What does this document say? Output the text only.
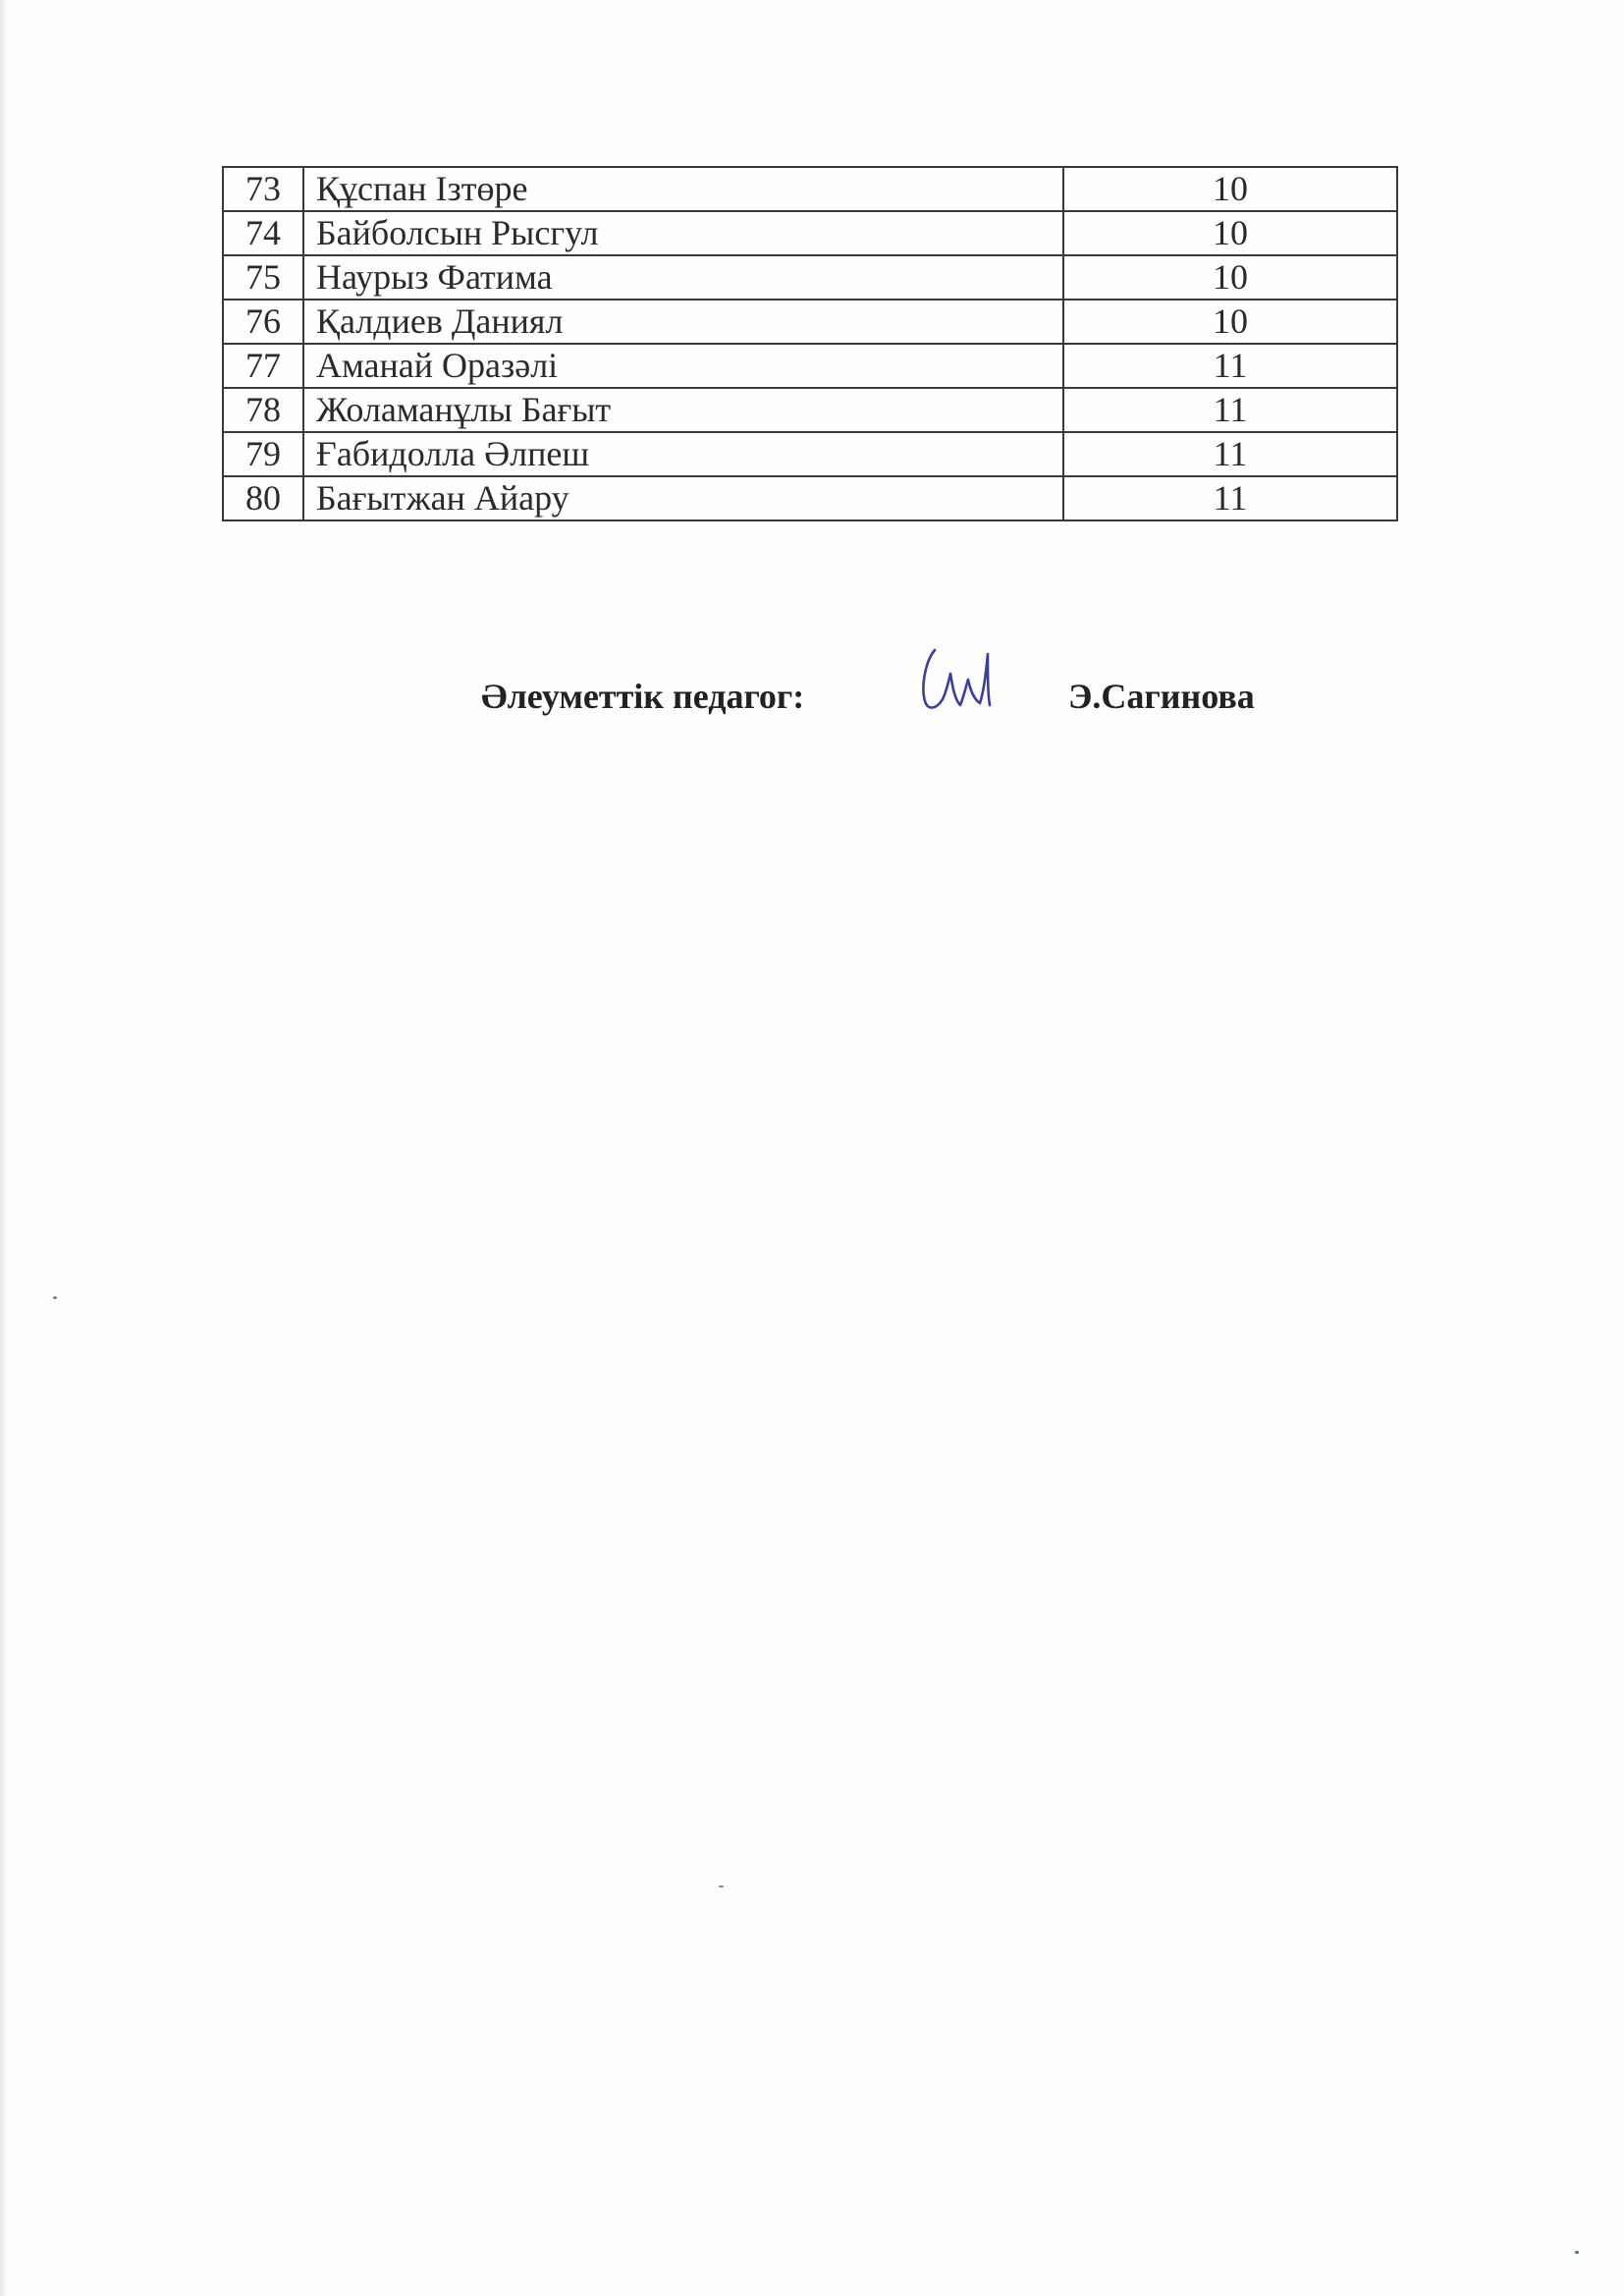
73	Құспан Ізтөре	10
74	Байболсын Рысгул	10
75	Наурыз Фатима	10
76	Қалдиев Даниял	10
77	Аманай Оразәлі	11
78	Жоламанұлы Бағыт	11
79	Ғабидолла Әлпеш	11
80	Бағытжан Айару	11
Әлеуметтік педагог:	Э.Сагинова
